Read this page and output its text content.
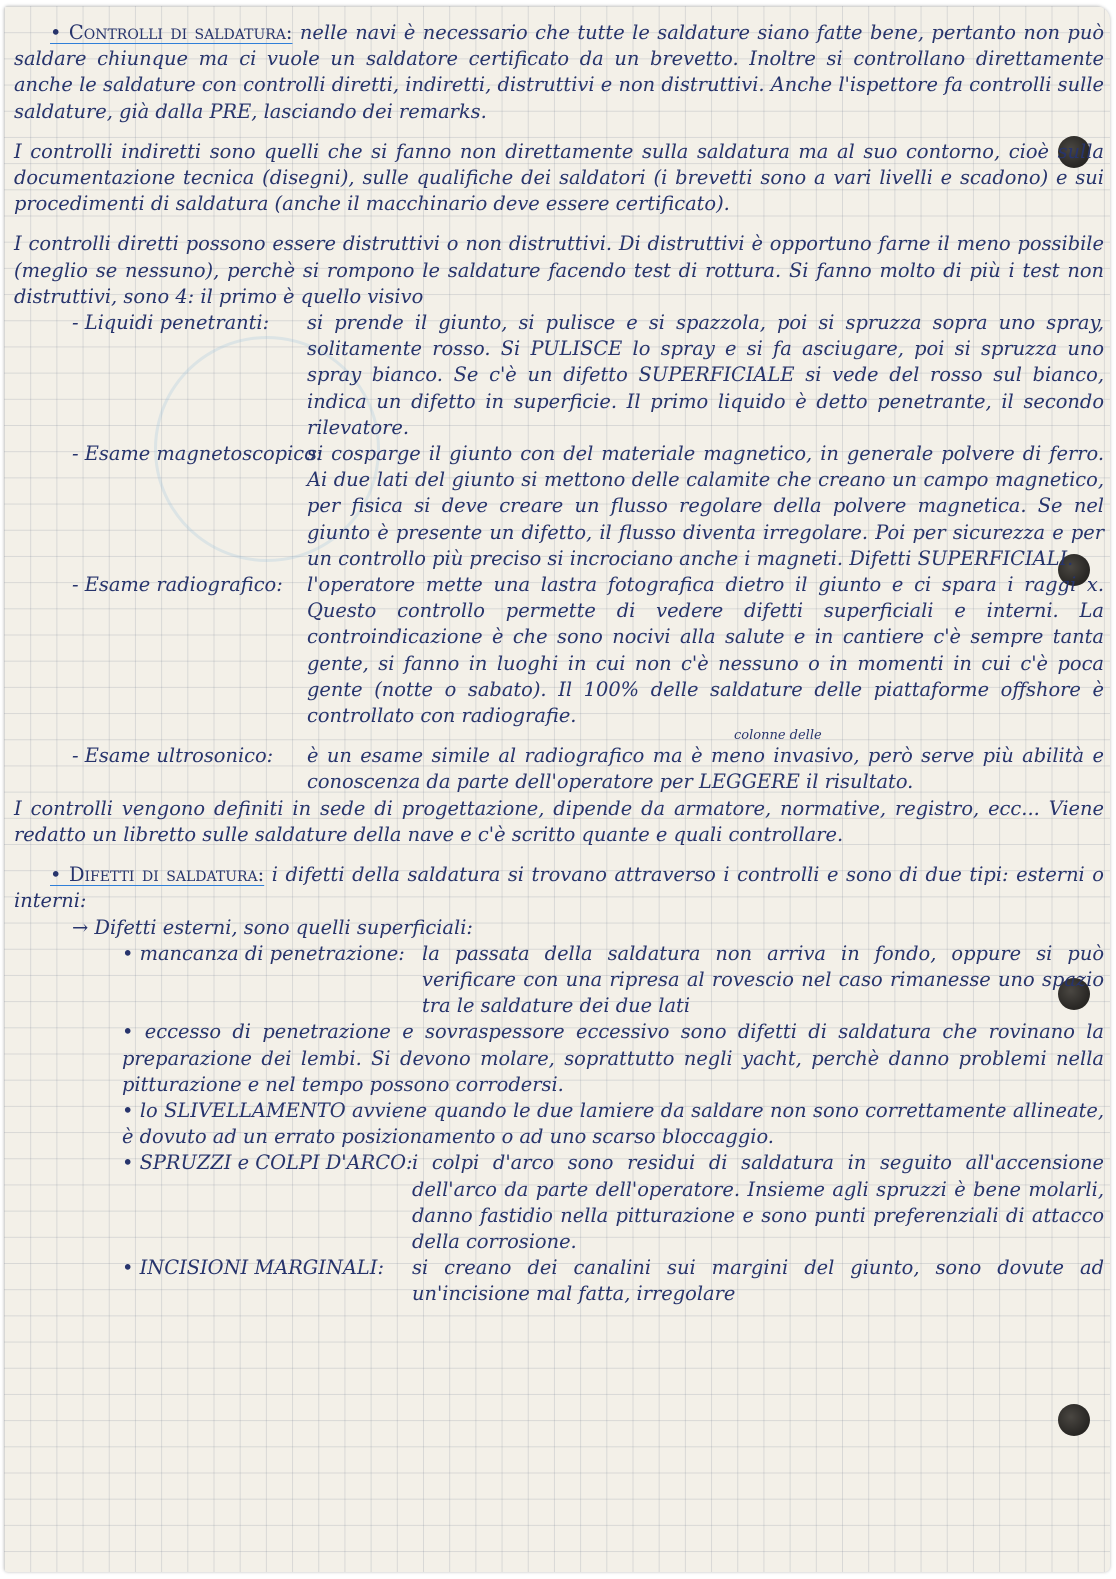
• Controlli di saldatura: nelle navi è necessario che tutte le saldature siano fatte bene, pertanto non può saldare chiunque ma ci vuole un saldatore certificato da un brevetto. Inoltre si controllano direttamente anche le saldature con controlli diretti, indiretti, distruttivi e non distruttivi. Anche l'ispettore fa controlli sulle saldature, già dalla PRE, lasciando dei remarks.

I controlli indiretti sono quelli che si fanno non direttamente sulla saldatura ma al suo contorno, cioè sulla documentazione tecnica (disegni), sulle qualifiche dei saldatori (i brevetti sono a vari livelli e scadono) e sui procedimenti di saldatura (anche il macchinario deve essere certificato).

I controlli diretti possono essere distruttivi o non distruttivi. Di distruttivi è opportuno farne il meno possibile (meglio se nessuno), perchè si rompono le saldature facendo test di rottura. Si fanno molto di più i test non distruttivi, sono 4: il primo è quello visivo

- Liquidi penetranti: si prende il giunto, si pulisce e si spazzola, poi si spruzza sopra uno spray, solitamente rosso. Si PULISCE lo spray e si fa asciugare, poi si spruzza uno spray bianco. Se c'è un difetto SUPERFICIALE si vede del rosso sul bianco, indica un difetto in superficie. Il primo liquido è detto penetrante, il secondo rilevatore.
- Esame magnetoscopico:
si cosparge il giunto con del materiale magnetico, in generale polvere di ferro. Ai due lati del giunto si mettono delle calamite che creano un campo magnetico, per fisica si deve creare un flusso regolare della polvere magnetica. Se nel giunto è presente un difetto, il flusso diventa irregolare. Poi per sicurezza e per un controllo più preciso si incrociano anche i magneti. Difetti SUPERFICIALI.
- Esame radiografico: l'operatore mette una lastra fotografica dietro il giunto e ci spara i raggi x. Questo controllo permette di vedere difetti superficiali e interni. La controindicazione è che sono nocivi alla salute e in cantiere c'è sempre tanta gente, si fanno in luoghi in cui non c'è nessuno o in momenti in cui c'è poca gente (notte o sabato). Il 100% delle saldature delle piattaforme offshore è controllato con radiografie.

colonne delle

- Esame ultrosonico: è un esame simile al radiografico ma è meno invasivo, però serve più abilità e conoscenza da parte dell'operatore per LEGGERE il risultato.

I controlli vengono definiti in sede di progettazione, dipende da armatore, normative, registro, ecc... Viene redatto un libretto sulle saldature della nave e c'è scritto quante e quali controllare.

• Difetti di saldatura: i difetti della saldatura si trovano attraverso i controlli e sono di due tipi: esterni o interni:

→ Difetti esterni, sono quelli superficiali:

• mancanza di penetrazione: la passata della saldatura non arriva in fondo, oppure si può verificare con una ripresa al rovescio nel caso rimanesse uno spazio tra le saldature dei due lati

• eccesso di penetrazione e sovraspessore eccessivo sono difetti di saldatura che rovinano la preparazione dei lembi. Si devono molare, soprattutto negli yacht, perchè danno problemi nella pitturazione e nel tempo possono corrodersi.

• lo SLIVELLAMENTO avviene quando le due lamiere da saldare non sono correttamente allineate, è dovuto ad un errato posizionamento o ad uno scarso bloccaggio.

• SPRUZZI e COLPI D'ARCO: i colpi d'arco sono residui di saldatura in seguito all'accensione dell'arco da parte dell'operatore. Insieme agli spruzzi è bene molarli, danno fastidio nella pitturazione e sono punti preferenziali di attacco della corrosione.
• INCISIONI MARGINALI: si creano dei canalini sui margini del giunto, sono dovute ad un'incisione mal fatta, irregolare
